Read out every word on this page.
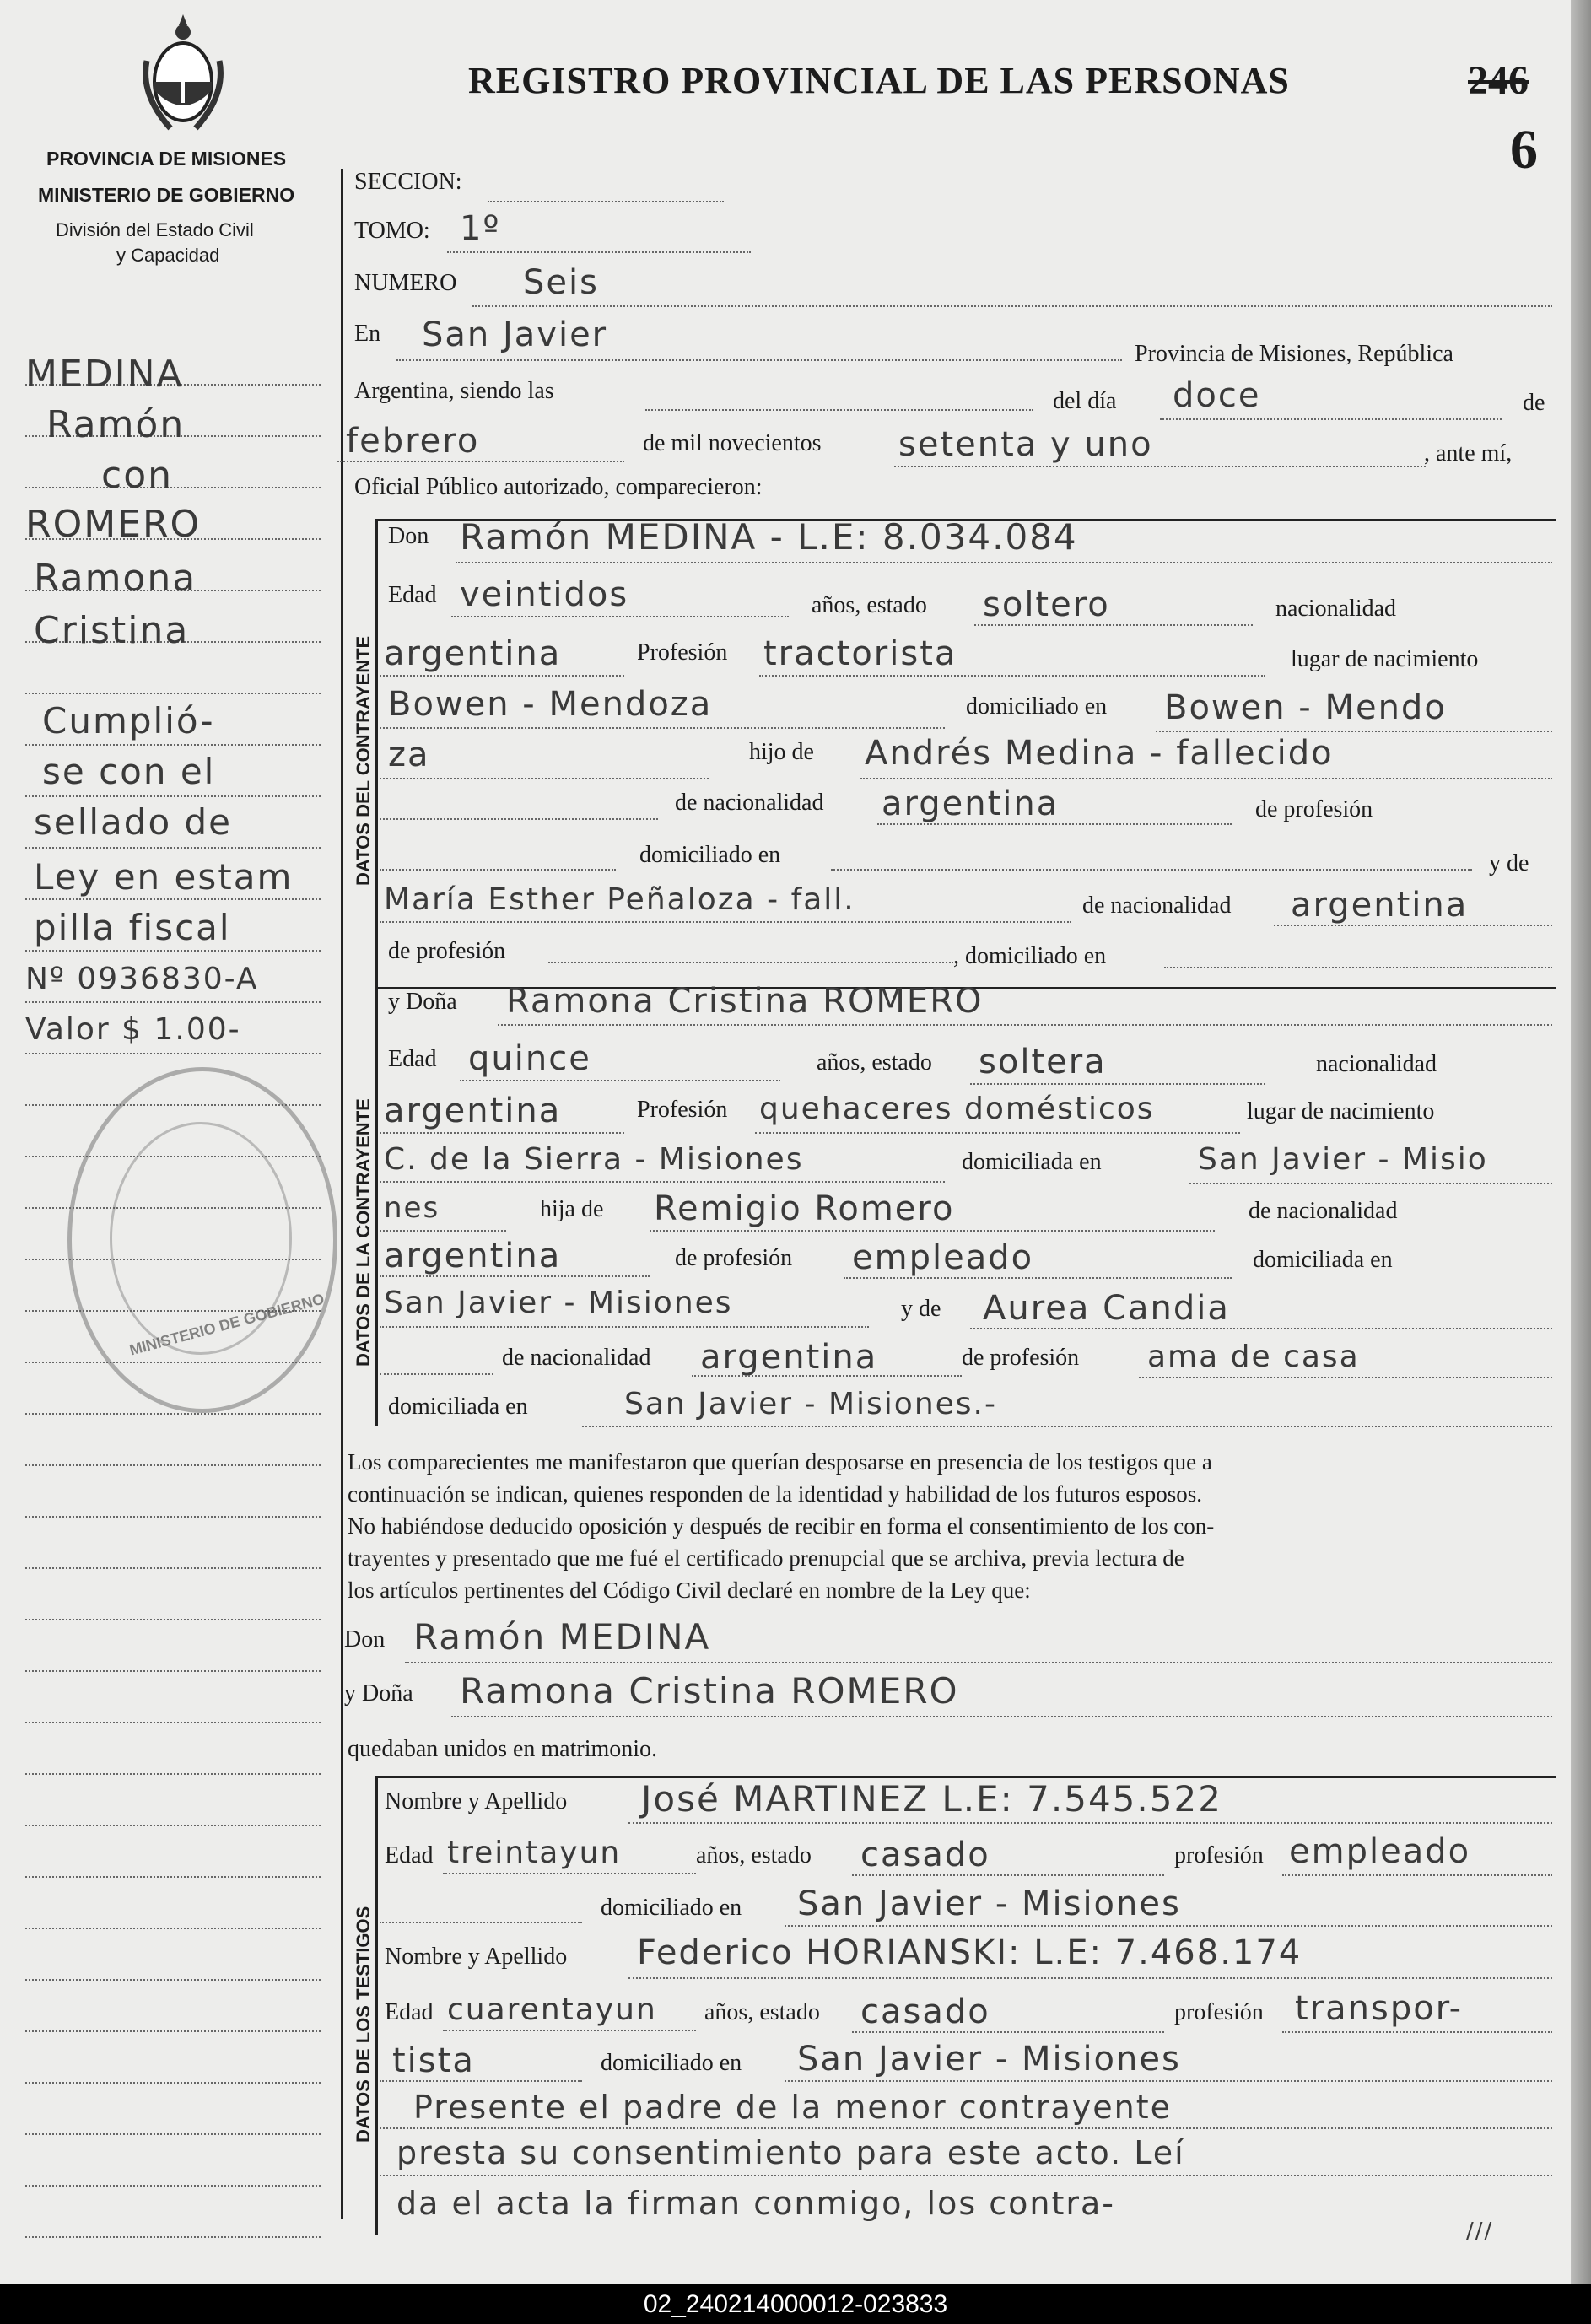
PROVINCIA DE MISIONES
MINISTERIO DE GOBIERNO
División del Estado Civil
y Capacidad
REGISTRO PROVINCIAL DE LAS PERSONAS	246
6
MEDINA
Ramón
con
ROMERO
Ramona
Cristina
Cumplió-
se con el
sellado de
Ley en estam
pilla fiscal
Nº 0936830-A
Valor $ 1.00-
MINISTERIO DE GOBIERNO
DATOS DEL CONTRAYENTE
DATOS DE LA CONTRAYENTE
DATOS DE LOS TESTIGOS
SECCION:
TOMO: 1º
NUMERO Seis
En San Javier	Provincia de Misiones, República
Argentina, siendo las	del día doce	de
febrero	de mil novecientos setenta y uno	, ante mí,
Oficial Público autorizado, comparecieron:
Don Ramón MEDINA - L.E: 8.034.084
Edad veintidos	años, estado soltero	nacionalidad
argentina	Profesión tractorista	lugar de nacimiento
Bowen - Mendoza	domiciliado en Bowen - Mendo
za	hijo de Andrés Medina - fallecido
de nacionalidad argentina	de profesión
domiciliado en	y de
María Esther Peñaloza - fall.	de nacionalidad argentina
de profesión	, domiciliado en
y Doña Ramona Cristina ROMERO
Edad quince	años, estado soltera	nacionalidad
argentina	Profesión quehaceres domésticos	lugar de nacimiento
C. de la Sierra - Misiones	domiciliada en	San Javier - Misio
nes	hija de Remigio Romero	de nacionalidad
argentina	de profesión empleado	domiciliada en
San Javier - Misiones	y de Aurea Candia
de nacionalidad argentina	de profesión ama de casa
domiciliada en	San Javier - Misiones.-
Los comparecientes me manifestaron que querían desposarse en presencia de los testigos que a
continuación se indican, quienes responden de la identidad y habilidad de los futuros esposos.
No habiéndose deducido oposición y después de recibir en forma el consentimiento de los con-
trayentes y presentado que me fué el certificado prenupcial que se archiva, previa lectura de
los artículos pertinentes del Código Civil declaré en nombre de la Ley que:
Don Ramón MEDINA
y Doña Ramona Cristina ROMERO
quedaban unidos en matrimonio.
Nombre y Apellido José MARTINEZ L.E: 7.545.522
Edad treintayun	años, estado casado	profesión empleado
domiciliado en San Javier - Misiones
Nombre y Apellido Federico HORIANSKI: L.E: 7.468.174
Edad cuarentayun años, estado casado	profesión transpor-
tista	domiciliado en San Javier - Misiones
Presente el padre de la menor contrayente
presta su consentimiento para este acto. Leí
da el acta la firman conmigo, los contra-
///
02_240214000012-023833
